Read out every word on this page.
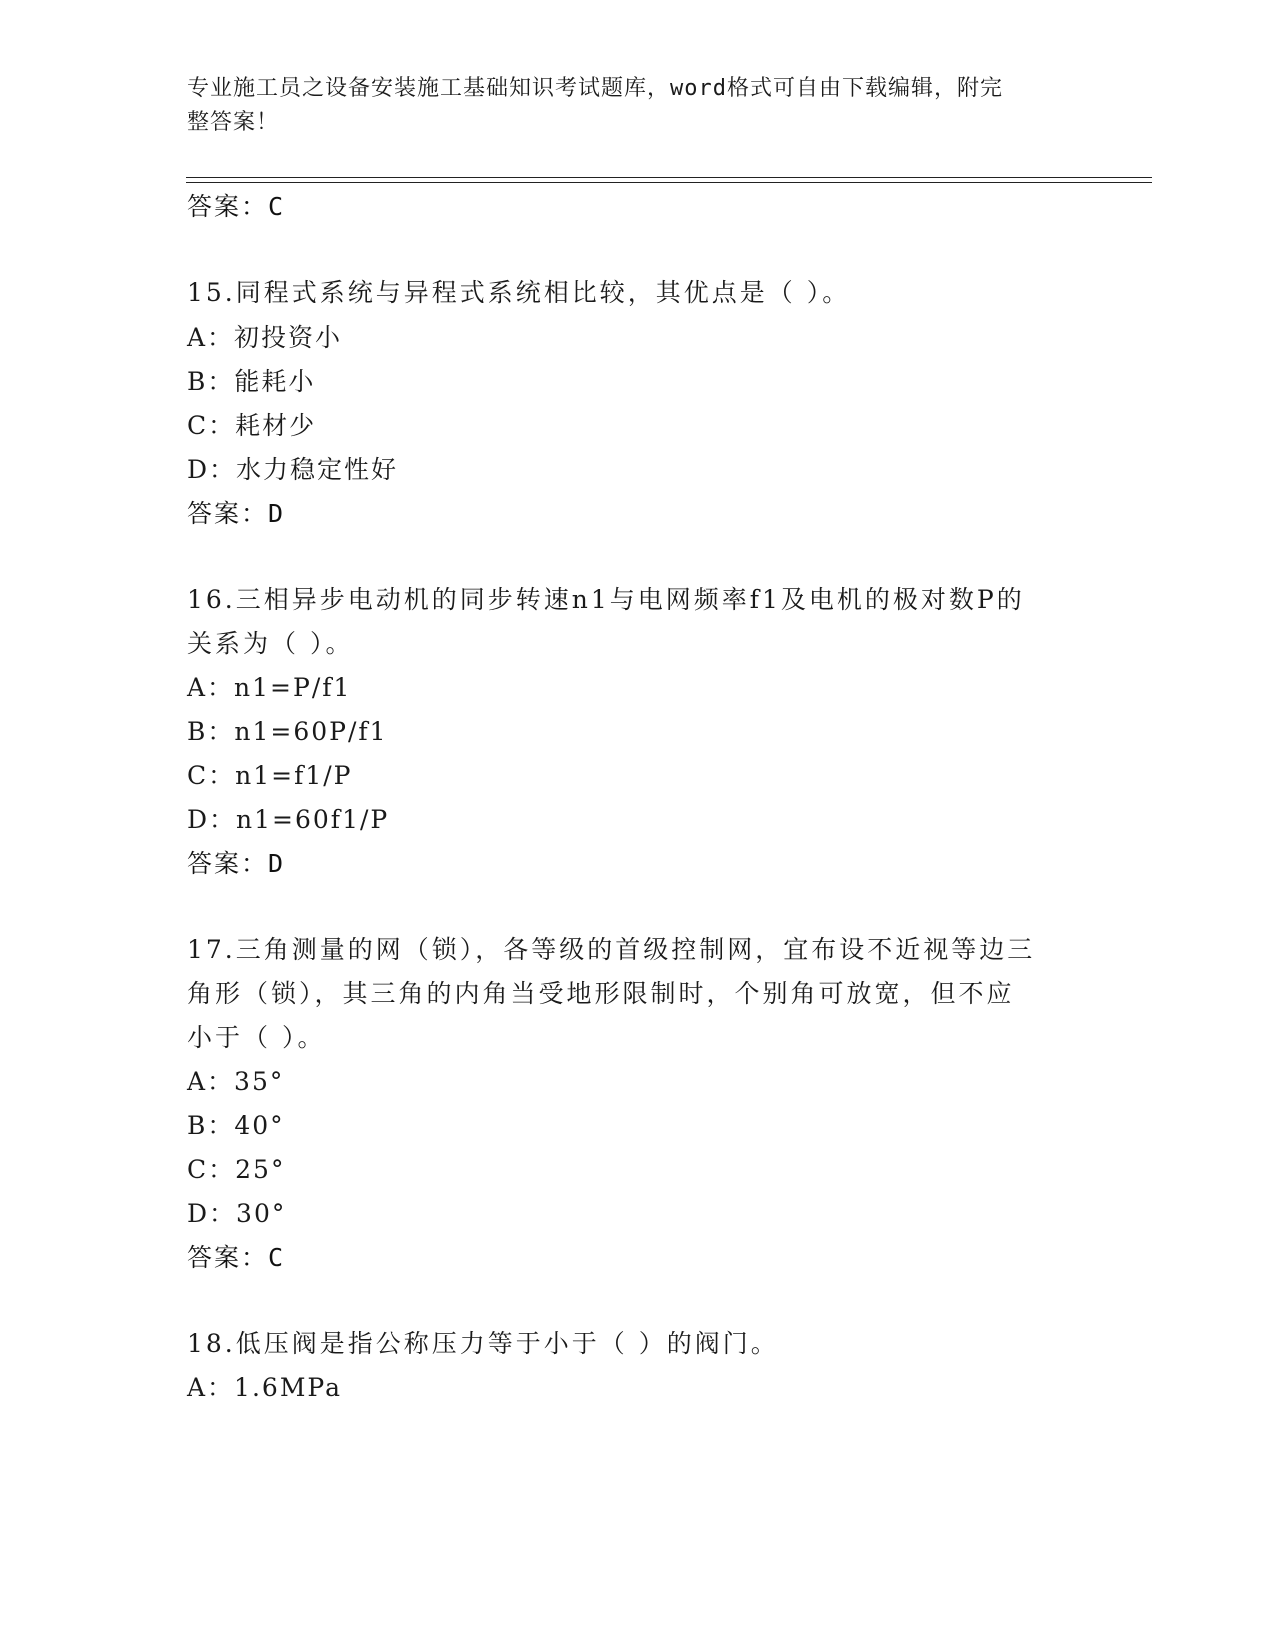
专业施工员之设备安装施工基础知识考试题库，word格式可自由下载编辑，附完
整答案！
答案：C
15.同程式系统与异程式系统相比较，其优点是（ ）。
A：初投资小
B：能耗小
C：耗材少
D：水力稳定性好
答案：D
16.三相异步电动机的同步转速n1与电网频率f1及电机的极对数P的
关系为（ ）。
A：n1=P/f1
B：n1=60P/f1
C：n1=f1/P
D：n1=60f1/P
答案：D
17.三角测量的网（锁），各等级的首级控制网，宜布设不近视等边三
角形（锁），其三角的内角当受地形限制时，个别角可放宽，但不应
小于（ ）。
A：35°
B：40°
C：25°
D：30°
答案：C
18.低压阀是指公称压力等于小于（ ）的阀门。
A：1.6MPa
